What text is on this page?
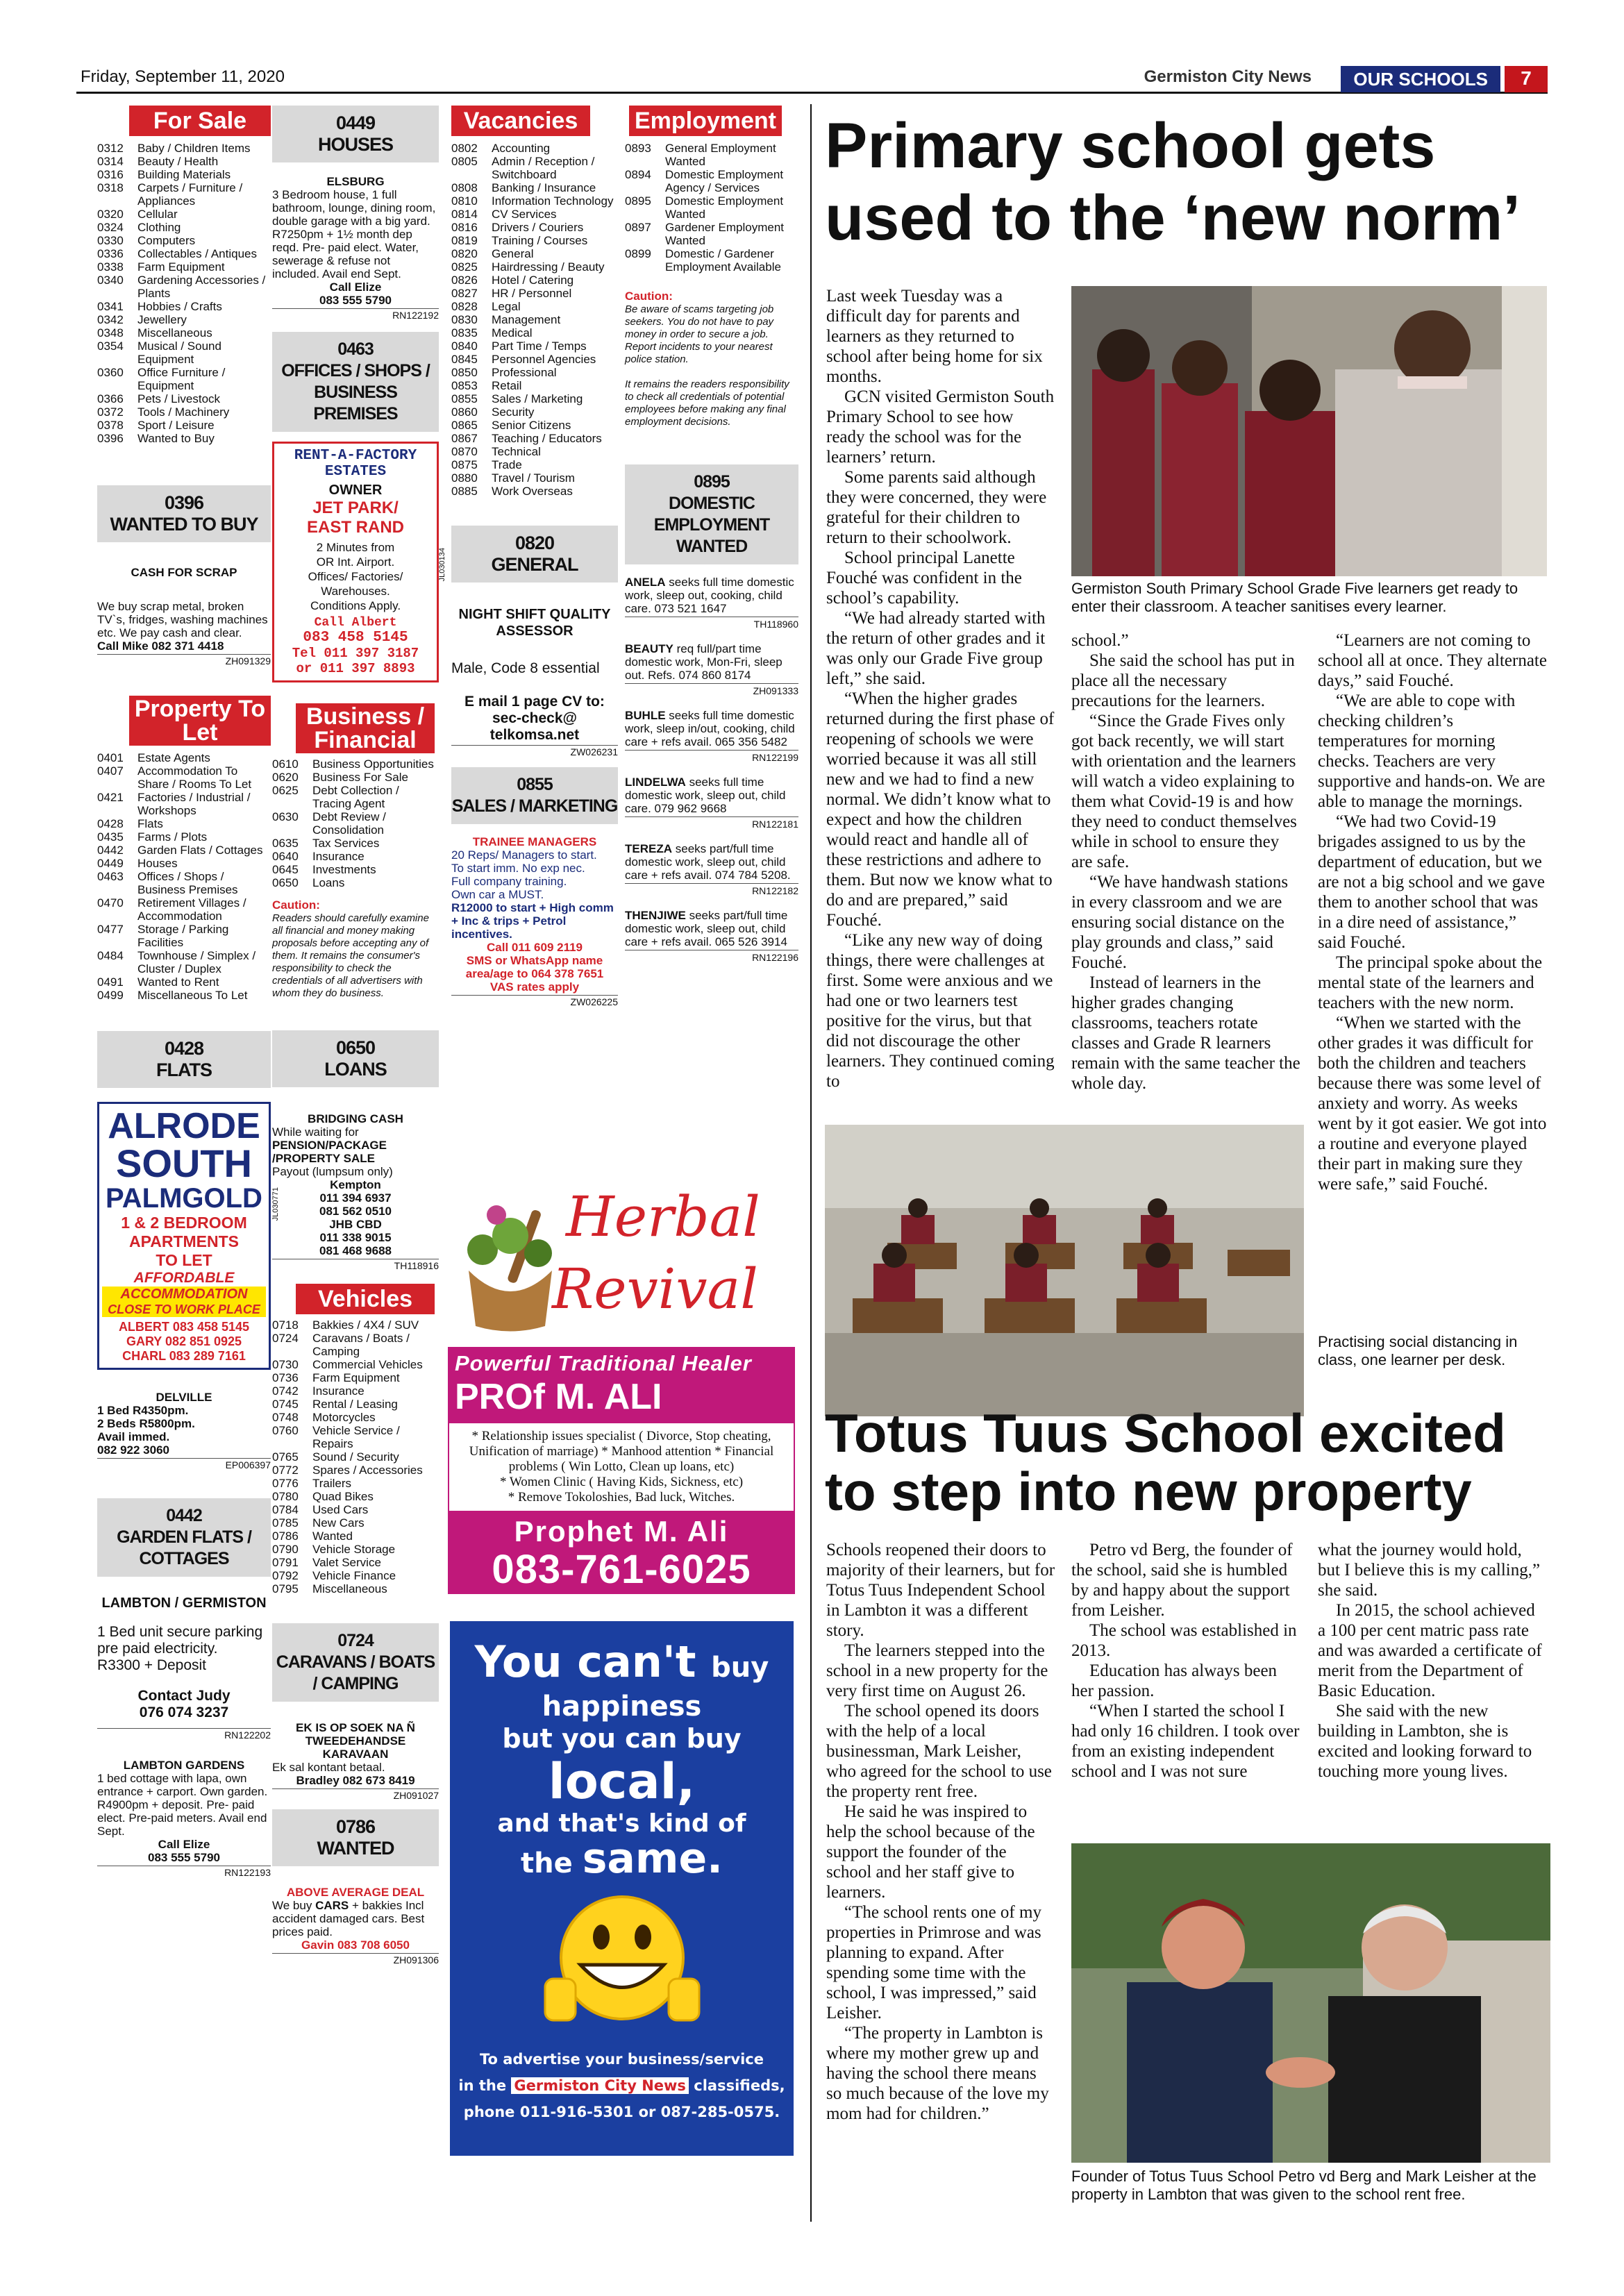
Friday, September 11, 2020	Germiston City News	OUR SCHOOLS	7
For Sale
0312	Baby / Children Items
0314	Beauty / Health
0316	Building Materials
0318	Carpets / Furniture / Appliances
0320	Cellular
0324	Clothing
0330	Computers
0336	Collectables / Antiques
0338	Farm Equipment
0340	Gardening Accessories / Plants
0341	Hobbies / Crafts
0342	Jewellery
0348	Miscellaneous
0354	Musical / Sound Equipment
0360	Office Furniture / Equipment
0366	Pets / Livestock
0372	Tools / Machinery
0378	Sport / Leisure
0396	Wanted to Buy
0396
WANTED TO BUY
CASH FOR SCRAP
We buy scrap metal, broken TV`s, fridges, washing machines etc. We pay cash and clear.
Call Mike 082 371 4418
ZH091329
Property To Let
0401	Estate Agents
0407	Accommodation To Share / Rooms To Let
0421	Factories / Industrial / Workshops
0428	Flats
0435	Farms / Plots
0442	Garden Flats / Cottages
0449	Houses
0463	Offices / Shops / Business Premises
0470	Retirement Villages / Accommodation
0477	Storage / Parking Facilities
0484	Townhouse / Simplex / Cluster / Duplex
0491	Wanted to Rent
0499	Miscellaneous To Let
0428
FLATS
ALRODE
SOUTH
PALMGOLD
1 & 2 BEDROOM
APARTMENTS
TO LET
AFFORDABLE
ACCOMMODATION
CLOSE TO WORK PLACE
ALBERT 083 458 5145
GARY 082 851 0925
CHARL 083 289 7161
JL030771
DELVILLE
1 Bed R4350pm.
2 Beds R5800pm.
Avail immed.
082 922 3060
EP006397
0442
GARDEN FLATS / COTTAGES
LAMBTON / GERMISTON
1 Bed unit secure parking pre paid electricity.
R3300 + Deposit
Contact Judy
076 074 3237
RN122202
LAMBTON GARDENS
1 bed cottage with lapa, own entrance + carport. Own garden. R4900pm + deposit. Pre- paid elect. Pre-paid meters. Avail end Sept.
Call Elize
083 555 5790
RN122193
0449
HOUSES
ELSBURG
3 Bedroom house, 1 full bathroom, lounge, dining room, double garage with a big yard. R7250pm + 1½ month dep reqd. Pre- paid elect. Water, sewerage & refuse not included. Avail end Sept.
Call Elize
083 555 5790
RN122192
0463
OFFICES / SHOPS / BUSINESS PREMISES
RENT-A-FACTORY
ESTATES
OWNER
JET PARK/
EAST RAND
2 Minutes from
OR Int. Airport.
Offices/ Factories/
Warehouses.
Conditions Apply.
Call Albert
083 458 5145
Tel 011 397 3187
or 011 397 8893
JL030134
Business / Financial
0610	Business Opportunities
0620	Business For Sale
0625	Debt Collection / Tracing Agent
0630	Debt Review / Consolidation
0635	Tax Services
0640	Insurance
0645	Investments
0650	Loans
Caution:
Readers should carefully examine all financial and money making proposals before accepting any of them. It remains the consumer's responsibility to check the credentials of all advertisers with whom they do business.
0650
LOANS
BRIDGING CASH
While waiting for
PENSION/PACKAGE /PROPERTY SALE
Payout (lumpsum only)
Kempton
011 394 6937
081 562 0510
JHB CBD
011 338 9015
081 468 9688
TH118916
Vehicles
0718	Bakkies / 4X4 / SUV
0724	Caravans / Boats / Camping
0730	Commercial Vehicles
0736	Farm Equipment
0742	Insurance
0745	Rental / Leasing
0748	Motorcycles
0760	Vehicle Service / Repairs
0765	Sound / Security
0772	Spares / Accessories
0776	Trailers
0780	Quad Bikes
0784	Used Cars
0785	New Cars
0786	Wanted
0790	Vehicle Storage
0791	Valet Service
0792	Vehicle Finance
0795	Miscellaneous
0724
CARAVANS / BOATS / CAMPING
EK IS OP SOEK NA Ñ TWEEDEHANDSE KARAVAAN
Ek sal kontant betaal.
Bradley 082 673 8419
ZH091027
0786
WANTED
ABOVE AVERAGE DEAL
We buy CARS + bakkies Incl accident damaged cars. Best prices paid.
Gavin 083 708 6050
ZH091306
Vacancies
0802	Accounting
0805	Admin / Reception / Switchboard
0808	Banking / Insurance
0810	Information Technology
0814	CV Services
0816	Drivers / Couriers
0819	Training / Courses
0820	General
0825	Hairdressing / Beauty
0826	Hotel / Catering
0827	HR / Personnel
0828	Legal
0830	Management
0835	Medical
0840	Part Time / Temps
0845	Personnel Agencies
0850	Professional
0853	Retail
0855	Sales / Marketing
0860	Security
0865	Senior Citizens
0867	Teaching / Educators
0870	Technical
0875	Trade
0880	Travel / Tourism
0885	Work Overseas
0820
GENERAL
NIGHT SHIFT QUALITY ASSESSOR
Male, Code 8 essential
E mail 1 page CV to:
sec-check@
telkomsa.net
ZW026231
0855
SALES / MARKETING
TRAINEE MANAGERS
20 Reps/ Managers to start.
To start imm. No exp nec.
Full company training.
Own car a MUST.
R12000 to start + High comm + Inc & trips + Petrol incentives.
Call 011 609 2119
SMS or WhatsApp name area/age to 064 378 7651
VAS rates apply
ZW026225
Employment
0893	General Employment Wanted
0894	Domestic Employment Agency / Services
0895	Domestic Employment Wanted
0897	Gardener Employment Wanted
0899	Domestic / Gardener Employment Available
Caution:
Be aware of scams targeting job seekers. You do not have to pay money in order to secure a job. Report incidents to your nearest police station.

It remains the readers responsibility to check all credentials of potential employees before making any final employment decisions.
0895
DOMESTIC EMPLOYMENT WANTED
ANELA seeks full time domestic work, sleep out, cooking, child care. 073 521 1647
TH118960
BEAUTY req full/part time domestic work, Mon-Fri, sleep out. Refs. 074 860 8174
ZH091333
BUHLE seeks full time domestic work, sleep in/out, cooking, child care + refs avail. 065 356 5482
RN122199
LINDELWA seeks full time domestic work, sleep out, child care. 079 962 9668
RN122181
TEREZA seeks part/full time domestic work, sleep out, child care + refs avail. 074 784 5208.
RN122182
THENJIWE seeks part/full time domestic work, sleep out, child care + refs avail. 065 526 3914
RN122196
Herbal
Revival
Powerful Traditional Healer
PROf M. ALI
* Relationship issues specialist ( Divorce, Stop cheating, Unification of marriage) * Manhood attention * Financial problems ( Win Lotto, Clean up loans, etc)
* Women Clinic ( Having Kids, Sickness, etc)
* Remove Tokoloshies, Bad luck, Witches.
Prophet M. Ali
083-761-6025
You can't buy
happiness
but you can buy
local,
and that's kind of
the same.
To advertise your business/service
in the Germiston City News classifieds,
phone 011-916-5301 or 087-285-0575.
Primary school gets used to the ‘new norm’

Last week Tuesday was a difficult day for parents and learners as they returned to school after being home for six months.

GCN visited Germiston South Primary School to see how ready the school was for the learners’ return.

Some parents said although they were concerned, they were grateful for their children to return to their schoolwork.

School principal Lanette Fouché was confident in the school’s capability.

“We had already started with the return of other grades and it was only our Grade Five group left,” she said.

“When the higher grades returned during the first phase of reopening of schools we were worried because it was all still new and we had to find a new normal. We didn’t know what to expect and how the children would react and handle all of these restrictions and adhere to them. But now we know what to do and are prepared,” said Fouché.

“Like any new way of doing things, there were challenges at first. Some were anxious and we had one or two learners test positive for the virus, but that did not discourage the other learners. They continued coming to

Germiston South Primary School Grade Five learners get ready to enter their classroom. A teacher sanitises every learner.

school.”

She said the school has put in place all the necessary precautions for the learners.

“Since the Grade Fives only got back recently, we will start with orientation and the learners will watch a video explaining to them what Covid-19 is and how they need to conduct themselves while in school to ensure they are safe.

“We have handwash stations in every classroom and we are ensuring social distance on the play grounds and class,” said Fouché.

Instead of learners in the higher grades changing classrooms, teachers rotate classes and Grade R learners remain with the same teacher the whole day.

“Learners are not coming to school all at once. They alternate days,” said Fouché.

“We are able to cope with checking children’s temperatures for morning checks. Teachers are very supportive and hands-on. We are able to manage the mornings.

“We had two Covid-19 brigades assigned to us by the department of education, but we are not a big school and we gave them to another school that was in a dire need of assistance,” said Fouché.

The principal spoke about the mental state of the learners and teachers with the new norm.

“When we started with the other grades it was difficult for both the children and teachers because there was some level of anxiety and worry. As weeks went by it got easier. We got into a routine and everyone played their part in making sure they were safe,” said Fouché.

Practising social distancing in class, one learner per desk.
Totus Tuus School excited to step into new property

Schools reopened their doors to majority of their learners, but for Totus Tuus Independent School in Lambton it was a different story.

The learners stepped into the school in a new property for the very first time on August 26.

The school opened its doors with the help of a local businessman, Mark Leisher, who agreed for the school to use the property rent free.

He said he was inspired to help the school because of the support the founder of the school and her staff give to learners.

“The school rents one of my properties in Primrose and was planning to expand. After spending some time with the school, I was impressed,” said Leisher.

“The property in Lambton is where my mother grew up and having the school there means so much because of the love my mom had for children.”

Petro vd Berg, the founder of the school, said she is humbled by and happy about the support from Leisher.

The school was established in 2013.

Education has always been her passion.

“When I started the school I had only 16 children. I took over from an existing independent school and I was not sure

what the journey would hold, but I believe this is my calling,” she said.

In 2015, the school achieved a 100 per cent matric pass rate and was awarded a certificate of merit from the Department of Basic Education.

She said with the new building in Lambton, she is excited and looking forward to touching more young lives.

Founder of Totus Tuus School Petro vd Berg and Mark Leisher at the property in Lambton that was given to the school rent free.
